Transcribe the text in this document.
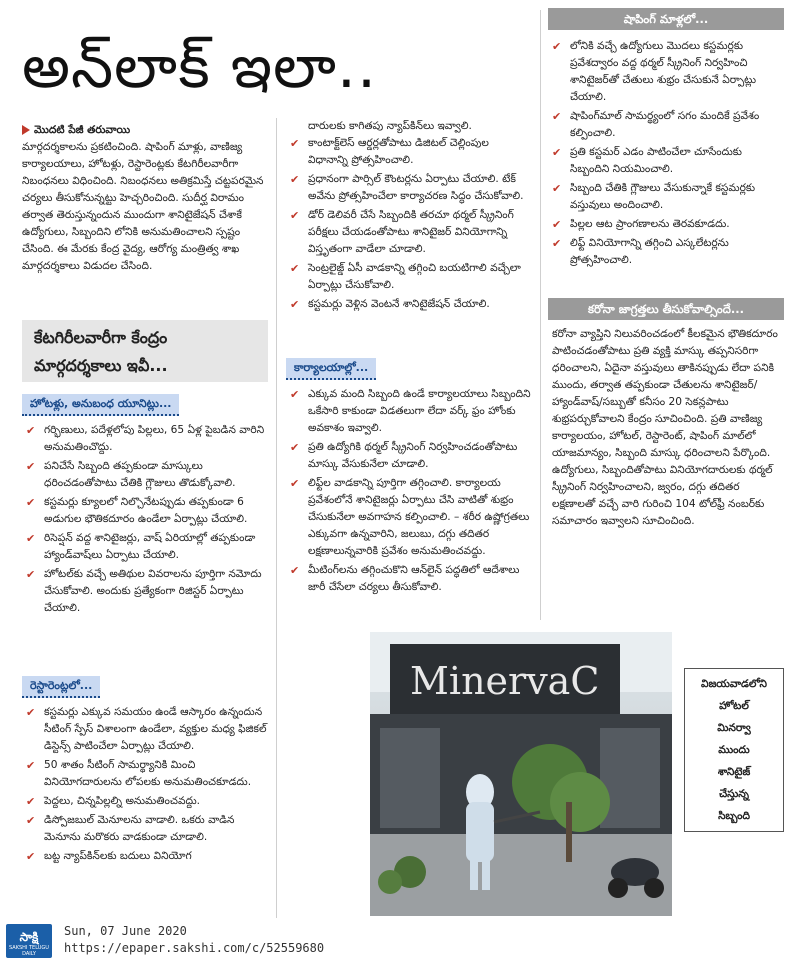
అన్‌లాక్ ఇలా..
మొదటి పేజీ తరువాయి

మార్గదర్శకాలను ప్రకటించింది. షాపింగ్ మాళ్లు, వాణిజ్య కార్యాలయాలు, హోటళ్లు, రెస్టారెంట్లకు కేటగిరీలవారీగా నిబంధనలు విధించింది. నిబంధనలు అతిక్రమిస్తే చట్టపరమైన చర్యలు తీసుకోనున్నట్టు హెచ్చరించింది. సుదీర్ఘ విరామం తర్వాత తెరుస్తున్నందున ముందుగా శానిటైజేషన్ చేశాకే ఉద్యోగులు, సిబ్బందిని లోనికి అనుమతించాలని స్పష్టం చేసింది. ఈ మేరకు కేంద్ర వైద్య, ఆరోగ్య మంత్రిత్వ శాఖ మార్గదర్శకాలు విడుదల చేసింది.

కేటగిరీలవారీగా కేంద్రం మార్గదర్శకాలు ఇవీ...
హోటళ్లు, అనుబంధ యూనిట్లు...
✔ గర్భిణులు, పదేళ్లలోపు పిల్లలు, 65 ఏళ్ల పైబడిన వారిని అనుమతించొద్దు.
✔ పనిచేసే సిబ్బంది తప్పకుండా మాస్కులు ధరించడంతోపాటు చేతికి గ్లౌజులు తొడుక్కోవాలి.
✔ కస్టమర్లు క్యూలలో నిల్చొనేటప్పుడు తప్పకుండా 6 అడుగుల భౌతికదూరం ఉండేలా ఏర్పాట్లు చేయాలి.
✔ రిసెప్షన్ వద్ద శానిటైజర్లు, వాష్ ఏరియాల్లో తప్పకుండా హ్యాండ్‌వాష్‌లు ఏర్పాటు చేయాలి.
✔ హోటల్‌కు వచ్చే అతిథుల వివరాలను పూర్తిగా నమోదు చేసుకోవాలి. అందుకు ప్రత్యేకంగా రిజిస్టర్ ఏర్పాటు చేయాలి.
రెస్టారెంట్లలో...
✔ కస్టమర్లు ఎక్కువ సమయం ఉండే ఆస్కారం ఉన్నందున సీటింగ్ స్పేస్ విశాలంగా ఉండేలా, వ్యక్తుల మధ్య ఫిజికల్ డిస్టెన్స్ పాటించేలా ఏర్పాట్లు చేయాలి.
✔ 50 శాతం సీటింగ్ సామర్థ్యానికి మించి వినియోగదారులను లోపలకు అనుమతించకూడదు.
✔ పెద్దలు, చిన్నపిల్లల్ని అనుమతించవద్దు.
✔ డిస్పోజబుల్ మెనూలను వాడాలి. ఒకరు వాడిన మెనూను మరొకరు వాడకుండా చూడాలి.
✔ బట్ట న్యాప్‌కిన్‌లకు బదులు వినియోగ

దారులకు కాగితపు న్యాప్‌కిన్‌లు ఇవ్వాలి.

✔ కాంటాక్ట్‌లెస్ ఆర్డర్లతోపాటు డిజిటల్ చెల్లింపుల విధానాన్ని ప్రోత్సహించాలి.
✔ ప్రధానంగా పార్సిల్ కౌంటర్లను ఏర్పాటు చేయాలి. టేక్ అవేను ప్రోత్సహించేలా కార్యాచరణ సిద్ధం చేసుకోవాలి.
✔ డోర్ డెలివరీ చేసే సిబ్బందికి తరచూ థర్మల్ స్క్రీనింగ్ పరీక్షలు చేయడంతోపాటు శానిటైజర్ వినియోగాన్ని విస్తృతంగా వాడేలా చూడాలి.
✔ సెంట్రలైజ్డ్ ఏసీ వాడకాన్ని తగ్గించి బయటిగాలి వచ్చేలా ఏర్పాట్లు చేసుకోవాలి.
✔ కస్టమర్లు వెళ్లిన వెంటనే శానిటైజేషన్ చేయాలి.
కార్యాలయాల్లో...
✔ ఎక్కువ మంది సిబ్బంది ఉండే కార్యాలయాలు సిబ్బందిని ఒకేసారి కాకుండా విడతలుగా లేదా వర్క్ ఫ్రం హోంకు అవకాశం ఇవ్వాలి.
✔ ప్రతి ఉద్యోగికి థర్మల్ స్క్రీనింగ్ నిర్వహించడంతోపాటు మాస్కు వేసుకునేలా చూడాలి.
✔ లిఫ్ట్‌ల వాడకాన్ని పూర్తిగా తగ్గించాలి. కార్యాలయ ప్రవేశంలోనే శానిటైజర్లు ఏర్పాటు చేసి వాటితో శుభ్రం చేసుకునేలా అవగాహన కల్పించాలి. – శరీర ఉష్ణోగ్రతలు ఎక్కువగా ఉన్నవారిని, జలుబు, దగ్గు తదితర లక్షణాలున్నవారికి ప్రవేశం అనుమతించవద్దు.
✔ మీటింగ్‌లను తగ్గించుకొని ఆన్‌లైన్ పద్ధతిలో ఆదేశాలు జారీ చేసేలా చర్యలు తీసుకోవాలి.
షాపింగ్ మాళ్లలో...
✔ లోనికి వచ్చే ఉద్యోగులు మొదలు కస్టమర్లకు ప్రవేశద్వారం వద్ద థర్మల్ స్క్రీనింగ్ నిర్వహించి శానిటైజర్‌తో చేతులు శుభ్రం చేసుకునే ఏర్పాట్లు చేయాలి.
✔ షాపింగ్‌మాల్ సామర్థ్యంలో సగం మందికే ప్రవేశం కల్పించాలి.
✔ ప్రతి కస్టమర్ ఎడం పాటించేలా చూసేందుకు సిబ్బందిని నియమించాలి.
✔ సిబ్బంది చేతికి గ్లౌజులు వేసుకున్నాకే కస్టమర్లకు వస్తువులు అందించాలి.
✔ పిల్లల ఆట ప్రాంగణాలను తెరవకూడదు.
✔ లిఫ్ట్ వినియోగాన్ని తగ్గించి ఎస్కలేటర్లను ప్రోత్సహించాలి.
కరోనా జాగ్రత్తలు తీసుకోవాల్సిందే...

కరోనా వ్యాప్తిని నిలువరించడంలో కీలకమైన భౌతికదూరం పాటించడంతోపాటు ప్రతి వ్యక్తి మాస్కు తప్పనిసరిగా ధరించాలని, ఏదైనా వస్తువులు తాకినప్పుడు లేదా పనికి ముందు, తర్వాత తప్పకుండా చేతులను శానిటైజర్/హ్యాండ్‌వాష్/సబ్బుతో కనీసం 20 సెకన్లపాటు శుభ్రపర్చుకోవాలని కేంద్రం సూచించింది. ప్రతి వాణిజ్య కార్యాలయం, హోటల్, రెస్టారెంట్, షాపింగ్ మాల్‌లో యాజమాన్యం, సిబ్బంది మాస్కు ధరించాలని పేర్కొంది. ఉద్యోగులు, సిబ్బందితోపాటు వినియోగదారులకు థర్మల్ స్క్రీనింగ్ నిర్వహించాలని, జ్వరం, దగ్గు తదితర లక్షణాలతో వచ్చే వారి గురించి 104 టోల్‌ఫ్రీ నంబర్‌కు సమాచారం ఇవ్వాలని సూచించింది.

MinervaC	విజయవాడలోని
హోటల్
మినర్వా
ముందు
శానిటైజ్
చేస్తున్న
సిబ్బంది
సాక్షి
SAKSHI TELUGU DAILY
Sun, 07 June 2020
https://epaper.sakshi.com/c/52559680
